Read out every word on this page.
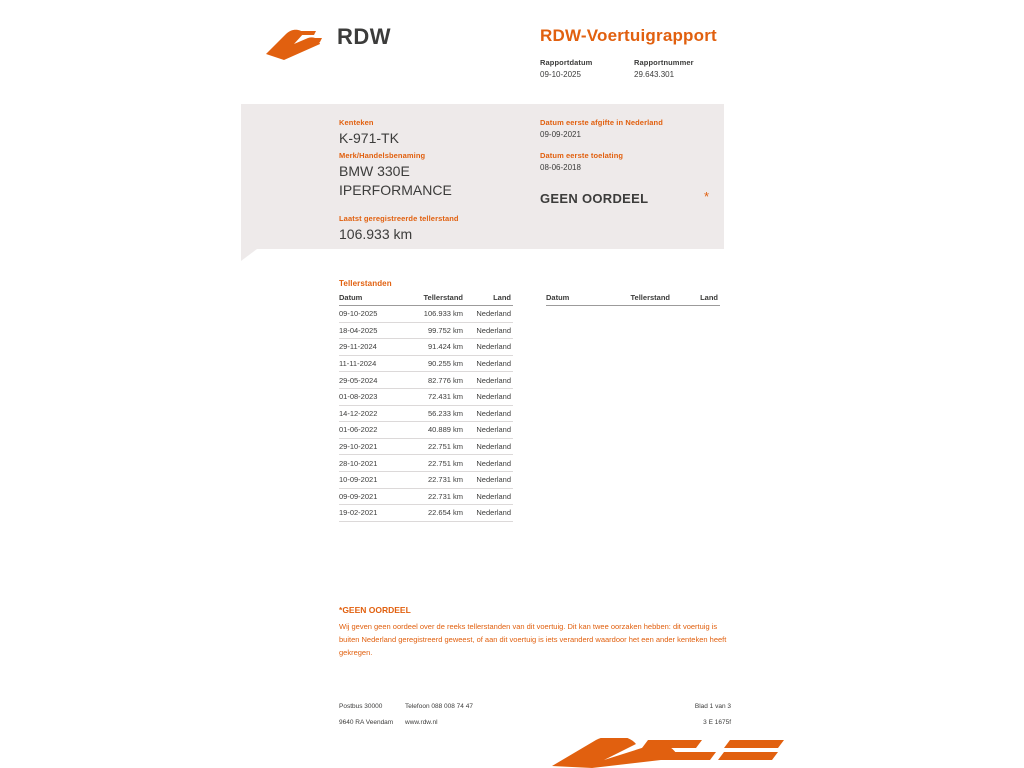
RDW	RDW-Voertuigrapport
Rapportdatum
09-10-2025
Rapportnummer
29.643.301
Kenteken
K-971-TK
Merk/Handelsbenaming
BMW 330E IPERFORMANCE
Laatst geregistreerde tellerstand
106.933 km
Datum eerste afgifte in Nederland
09-09-2021
Datum eerste toelating
08-06-2018
GEEN OORDEEL	*
Tellerstanden
Datum	Tellerstand	Land
09-10-2025	106.933 km	Nederland
18-04-2025	99.752 km	Nederland
29-11-2024	91.424 km	Nederland
11-11-2024	90.255 km	Nederland
29-05-2024	82.776 km	Nederland
01-08-2023	72.431 km	Nederland
14-12-2022	56.233 km	Nederland
01-06-2022	40.889 km	Nederland
29-10-2021	22.751 km	Nederland
28-10-2021	22.751 km	Nederland
10-09-2021	22.731 km	Nederland
09-09-2021	22.731 km	Nederland
19-02-2021	22.654 km	Nederland
Datum	Tellerstand	Land
*GEEN OORDEEL
Wij geven geen oordeel over de reeks tellerstanden van dit voertuig. Dit kan twee oorzaken hebben: dit voertuig is buiten Nederland geregistreerd geweest, of aan dit voertuig is iets veranderd waardoor het een ander kenteken heeft gekregen.
Postbus 30000	Telefoon 088 008 74 47	Blad 1 van 3
9640 RA Veendam	www.rdw.nl	3 E 1675f
